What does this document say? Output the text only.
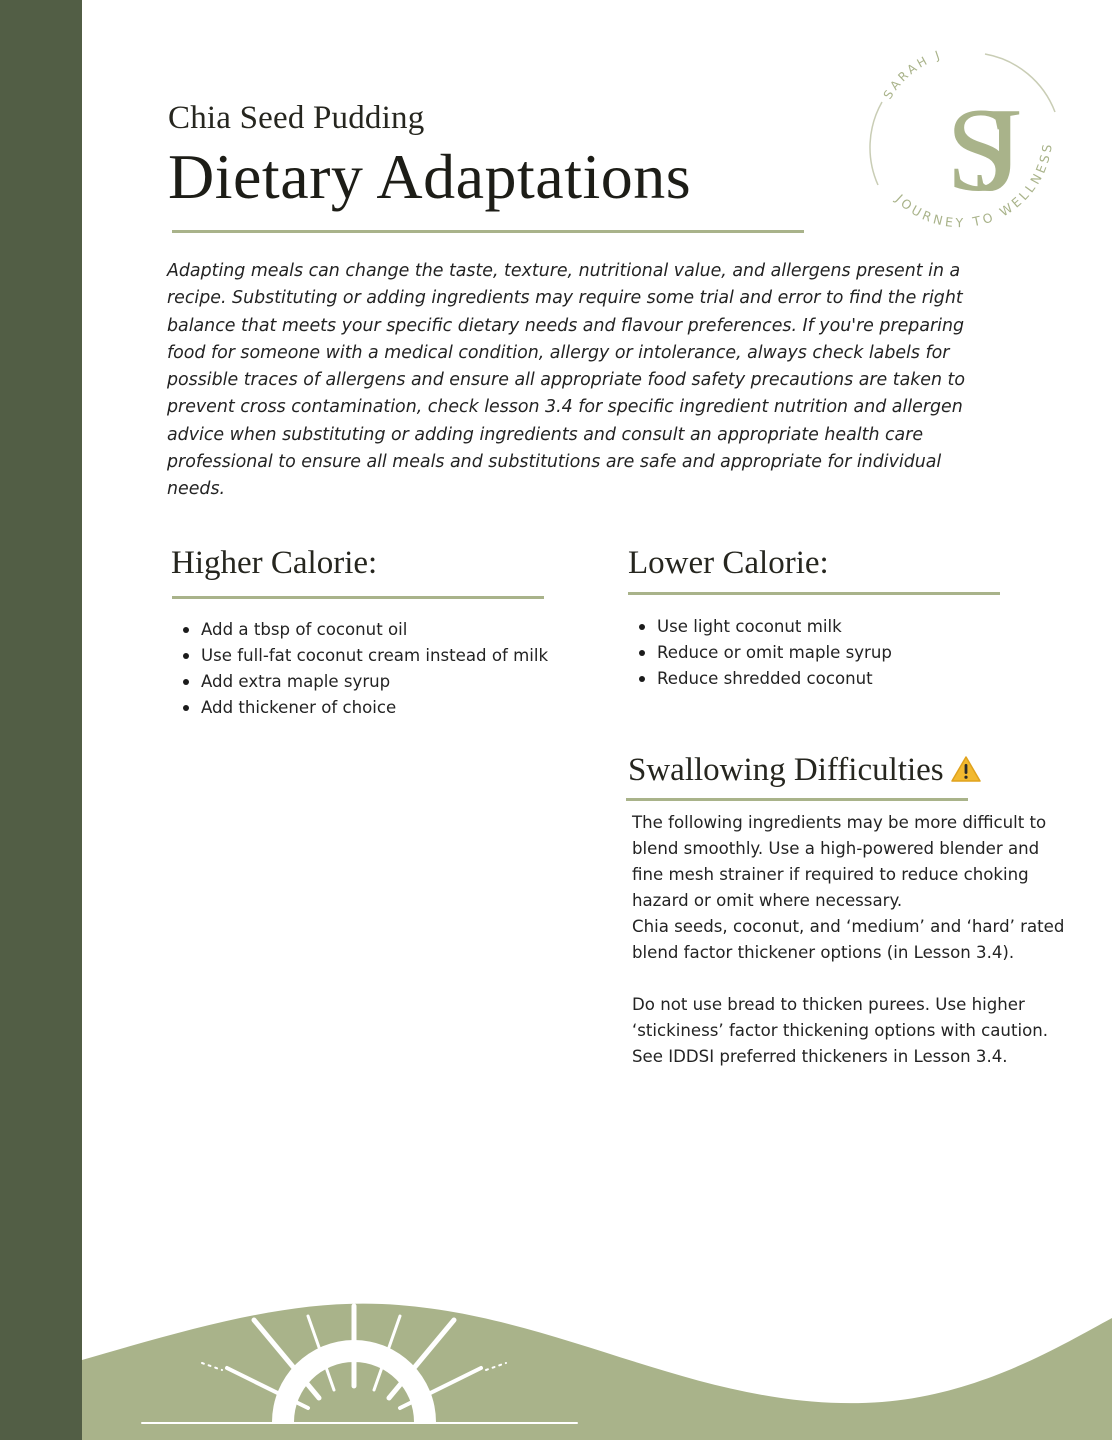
Chia Seed Pudding
Dietary Adaptations
SARAH J
JOURNEY TO WELLNESS
SJ

Adapting meals can change the taste, texture, nutritional value, and allergens present in a recipe. Substituting or adding ingredients may require some trial and error to find the right balance that meets your specific dietary needs and flavour preferences. If you're preparing food for someone with a medical condition, allergy or intolerance, always check labels for possible traces of allergens and ensure all appropriate food safety precautions are taken to prevent cross contamination, check lesson 3.4 for specific ingredient nutrition and allergen advice when substituting or adding ingredients and consult an appropriate health care professional to ensure all meals and substitutions are safe and appropriate for individual needs.

Higher Calorie:
Add a tbsp of coconut oil
Use full-fat coconut cream instead of milk
Add extra maple syrup
Add thickener of choice
Lower Calorie:
Use light coconut milk
Reduce or omit maple syrup
Reduce shredded coconut
Swallowing Difficulties

The following ingredients may be more difficult to blend smoothly. Use a high-powered blender and fine mesh strainer if required to reduce choking hazard or omit where necessary.

Chia seeds, coconut, and ‘medium’ and ‘hard’ rated blend factor thickener options (in Lesson 3.4).

Do not use bread to thicken purees. Use higher ‘stickiness’ factor thickening options with caution. See IDDSI preferred thickeners in Lesson 3.4.
